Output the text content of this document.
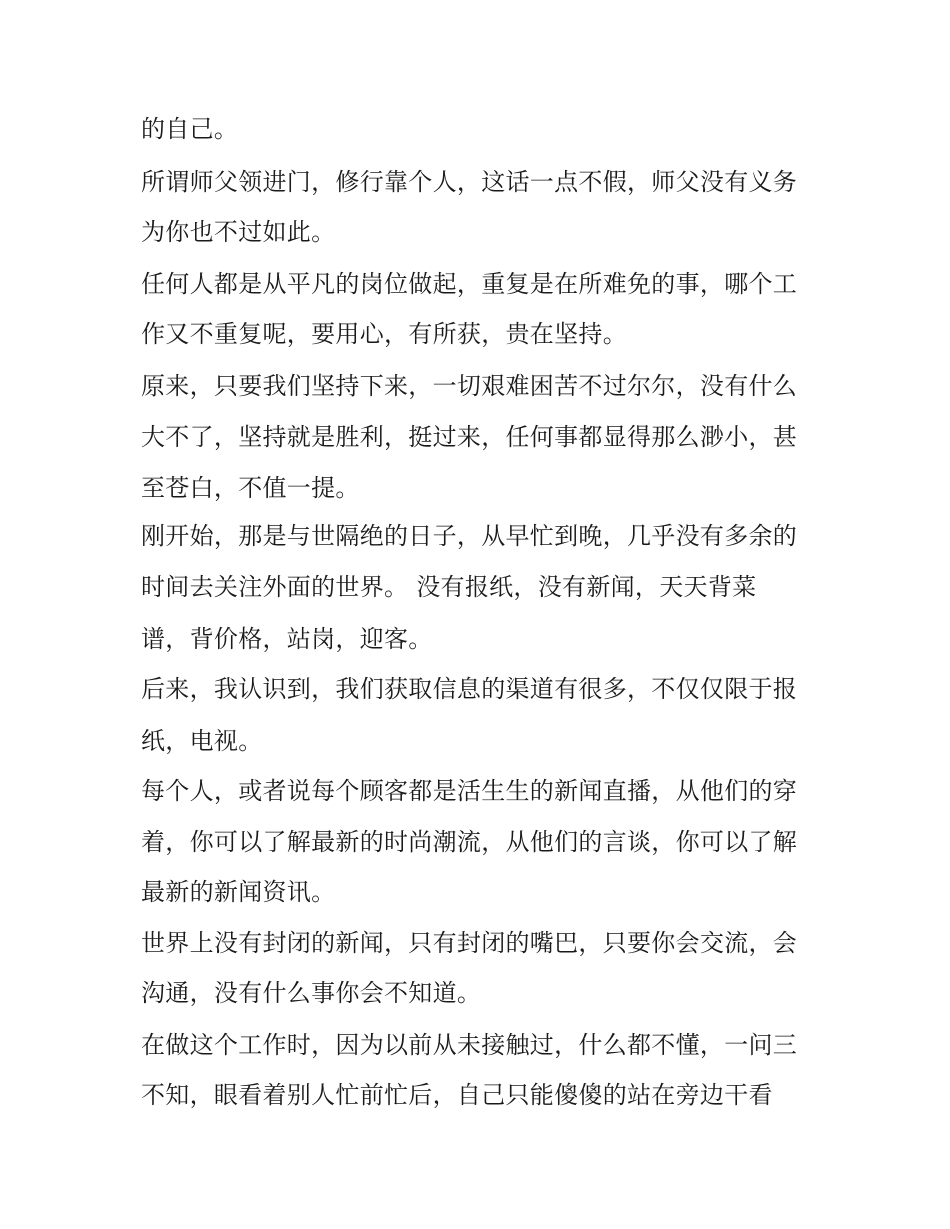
的自己。
所谓师父领进门，修行靠个人，这话一点不假，师父没有义务
为你也不过如此。
任何人都是从平凡的岗位做起，重复是在所难免的事，哪个工
作又不重复呢，要用心，有所获，贵在坚持。
原来，只要我们坚持下来，一切艰难困苦不过尔尔，没有什么
大不了，坚持就是胜利，挺过来，任何事都显得那么渺小，甚
至苍白，不值一提。
刚开始，那是与世隔绝的日子，从早忙到晚，几乎没有多余的
时间去关注外面的世界。 没有报纸，没有新闻，天天背菜
谱，背价格，站岗，迎客。
后来，我认识到，我们获取信息的渠道有很多，不仅仅限于报
纸，电视。
每个人，或者说每个顾客都是活生生的新闻直播，从他们的穿
着，你可以了解最新的时尚潮流，从他们的言谈，你可以了解
最新的新闻资讯。
世界上没有封闭的新闻，只有封闭的嘴巴，只要你会交流，会
沟通，没有什么事你会不知道。
在做这个工作时，因为以前从未接触过，什么都不懂，一问三
不知，眼看着别人忙前忙后，自己只能傻傻的站在旁边干看
